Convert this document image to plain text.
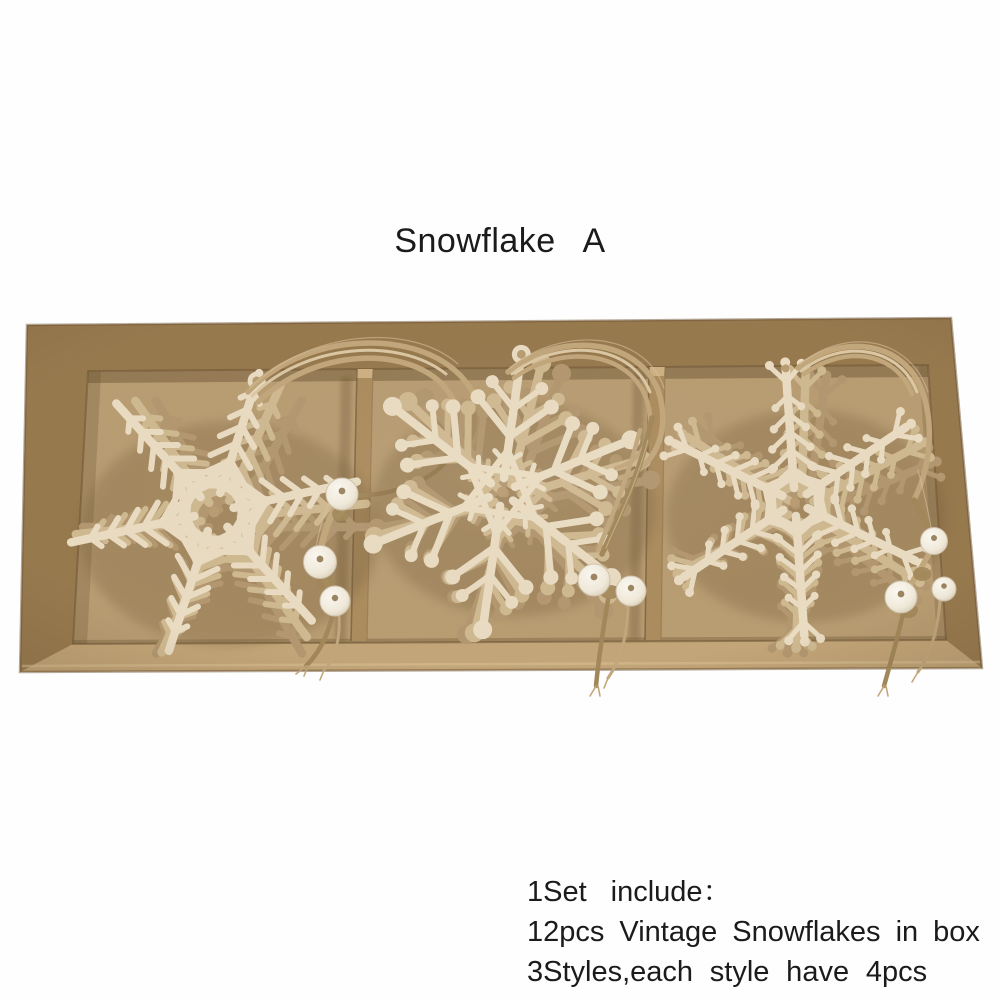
Snowflake A

1Set include：

12pcs Vintage Snowflakes in box

3Styles,each style have 4pcs
